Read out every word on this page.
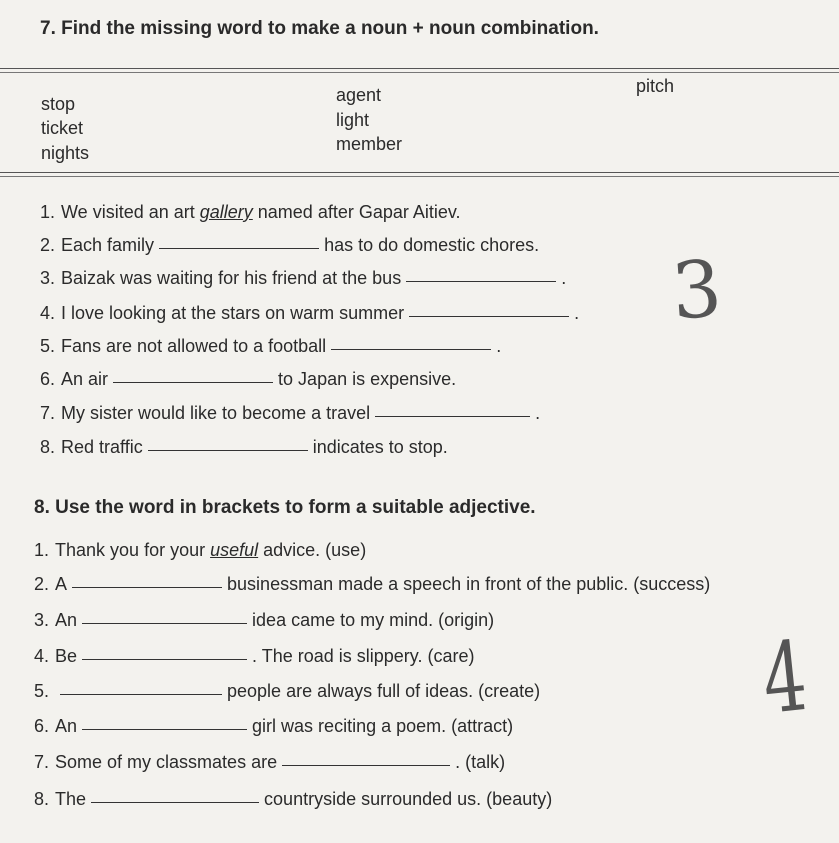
7. Find the missing word to make a noun + noun combination.
stop
ticket
nights
agent
light
member
pitch
1. We visited an art gallery named after Gapar Aitiev.
2. Each family	has to do domestic chores.
3. Baizak was waiting for his friend at the bus	.
4. I love looking at the stars on warm summer	.
5. Fans are not allowed to a football	.
6. An air	to Japan is expensive.
7. My sister would like to become a travel	.
8. Red traffic	indicates to stop.
3
8. Use the word in brackets to form a suitable adjective.
1. Thank you for your useful advice. (use)
2. A	businessman made a speech in front of the public. (success)
3. An	idea came to my mind. (origin)
4. Be	. The road is slippery. (care)
5.	people are always full of ideas. (create)
6. An	girl was reciting a poem. (attract)
7. Some of my classmates are	. (talk)
8. The	countryside surrounded us. (beauty)
4
